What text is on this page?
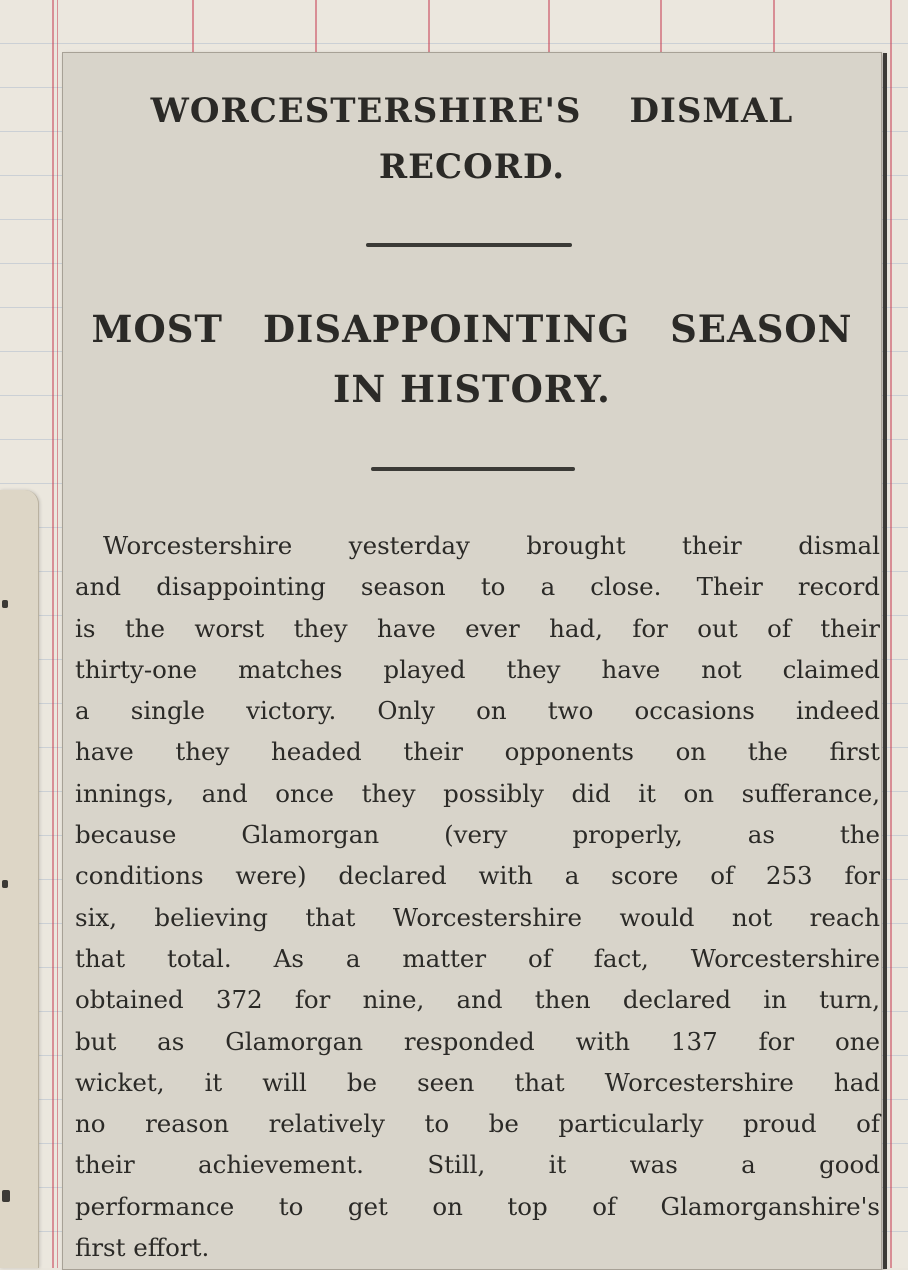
WORCESTERSHIRE'S DISMAL
RECORD.
MOST DISAPPOINTING SEASON
IN HISTORY.
Worcestershire yesterday brought their dismal
and disappointing season to a close. Their record
is the worst they have ever had, for out of their
thirty-one matches played they have not claimed
a single victory. Only on two occasions indeed
have they headed their opponents on the first
innings, and once they possibly did it on sufferance,
because Glamorgan (very properly, as the
conditions were) declared with a score of 253 for
six, believing that Worcestershire would not reach
that total. As a matter of fact, Worcestershire
obtained 372 for nine, and then declared in turn,
but as Glamorgan responded with 137 for one
wicket, it will be seen that Worcestershire had
no reason relatively to be particularly proud of
their achievement. Still, it was a good
performance to get on top of Glamorganshire's
first effort.
